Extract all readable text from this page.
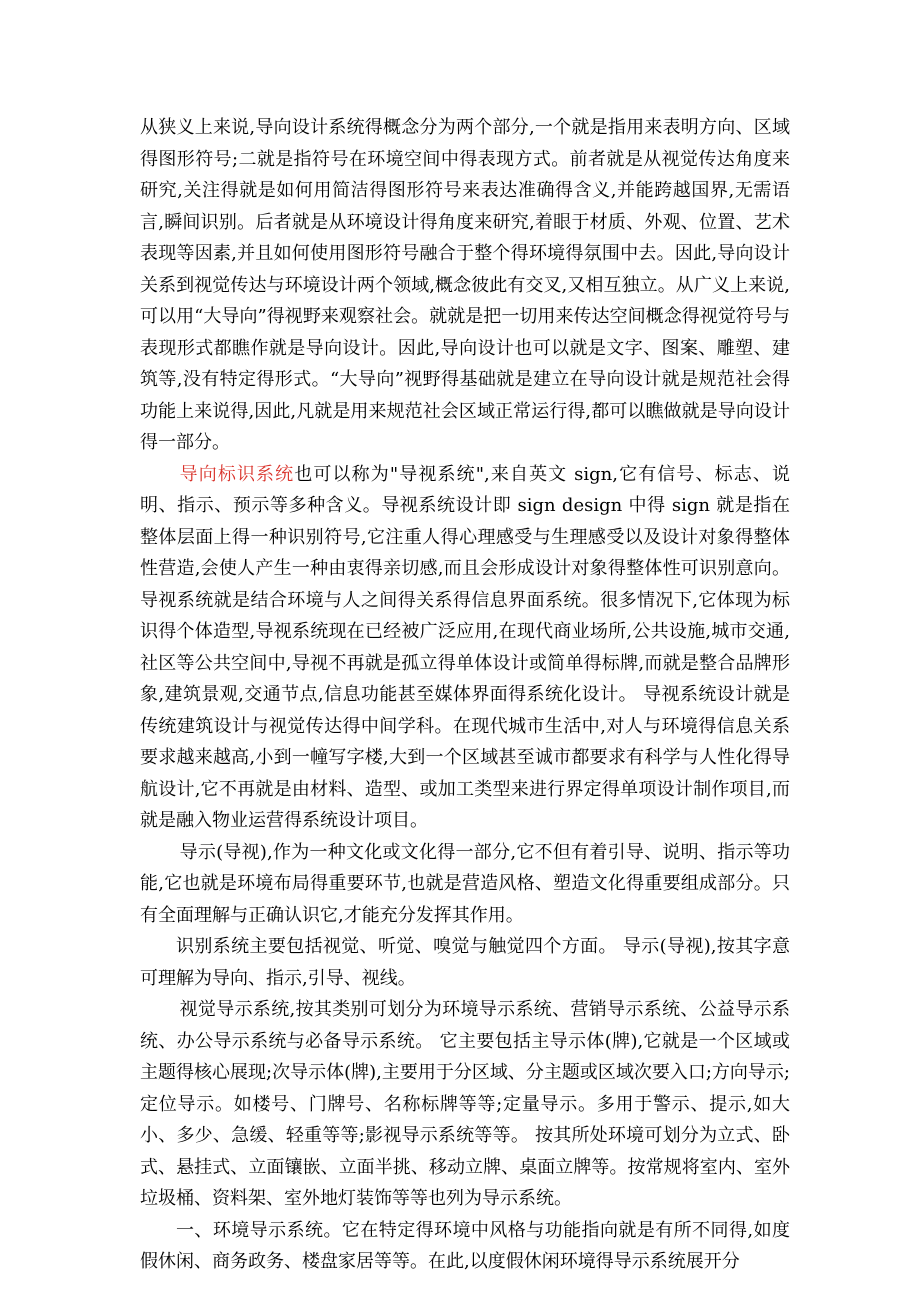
从狭义上来说,导向设计系统得概念分为两个部分,一个就是指用来表明方向、区域得图形符号;二就是指符号在环境空间中得表现方式。前者就是从视觉传达角度来研究,关注得就是如何用简洁得图形符号来表达准确得含义,并能跨越国界,无需语言,瞬间识别。后者就是从环境设计得角度来研究,着眼于材质、外观、位置、艺术表现等因素,并且如何使用图形符号融合于整个得环境得氛围中去。因此,导向设计关系到视觉传达与环境设计两个领域,概念彼此有交叉,又相互独立。从广义上来说,可以用“大导向”得视野来观察社会。就就是把一切用来传达空间概念得视觉符号与表现形式都瞧作就是导向设计。因此,导向设计也可以就是文字、图案、雕塑、建筑等,没有特定得形式。“大导向”视野得基础就是建立在导向设计就是规范社会得功能上来说得,因此,凡就是用来规范社会区域正常运行得,都可以瞧做就是导向设计得一部分。

导向标识系统也可以称为"导视系统",来自英文 sign,它有信号、标志、说明、指示、预示等多种含义。导视系统设计即 sign design 中得 sign 就是指在整体层面上得一种识别符号,它注重人得心理感受与生理感受以及设计对象得整体性营造,会使人产生一种由衷得亲切感,而且会形成设计对象得整体性可识别意向。导视系统就是结合环境与人之间得关系得信息界面系统。很多情况下,它体现为标识得个体造型,导视系统现在已经被广泛应用,在现代商业场所,公共设施,城市交通,社区等公共空间中,导视不再就是孤立得单体设计或简单得标牌,而就是整合品牌形象,建筑景观,交通节点,信息功能甚至媒体界面得系统化设计。 导视系统设计就是传统建筑设计与视觉传达得中间学科。在现代城市生活中,对人与环境得信息关系要求越来越高,小到一幢写字楼,大到一个区域甚至诚市都要求有科学与人性化得导航设计,它不再就是由材料、造型、或加工类型来进行界定得单项设计制作项目,而就是融入物业运营得系统设计项目。

导示(导视),作为一种文化或文化得一部分,它不但有着引导、说明、指示等功能,它也就是环境布局得重要环节,也就是营造风格、塑造文化得重要组成部分。只有全面理解与正确认识它,才能充分发挥其作用。

识别系统主要包括视觉、听觉、嗅觉与触觉四个方面。 导示(导视),按其字意可理解为导向、指示,引导、视线。

视觉导示系统,按其类别可划分为环境导示系统、营销导示系统、公益导示系统、办公导示系统与必备导示系统。 它主要包括主导示体(牌),它就是一个区域或主题得核心展现;次导示体(牌),主要用于分区域、分主题或区域次要入口;方向导示;定位导示。如楼号、门牌号、名称标牌等等;定量导示。多用于警示、提示,如大小、多少、急缓、轻重等等;影视导示系统等等。 按其所处环境可划分为立式、卧式、悬挂式、立面镶嵌、立面半挑、移动立牌、桌面立牌等。按常规将室内、室外垃圾桶、资料架、室外地灯装饰等等也列为导示系统。

一、环境导示系统。它在特定得环境中风格与功能指向就是有所不同得,如度假休闲、商务政务、楼盘家居等等。在此,以度假休闲环境得导示系统展开分
